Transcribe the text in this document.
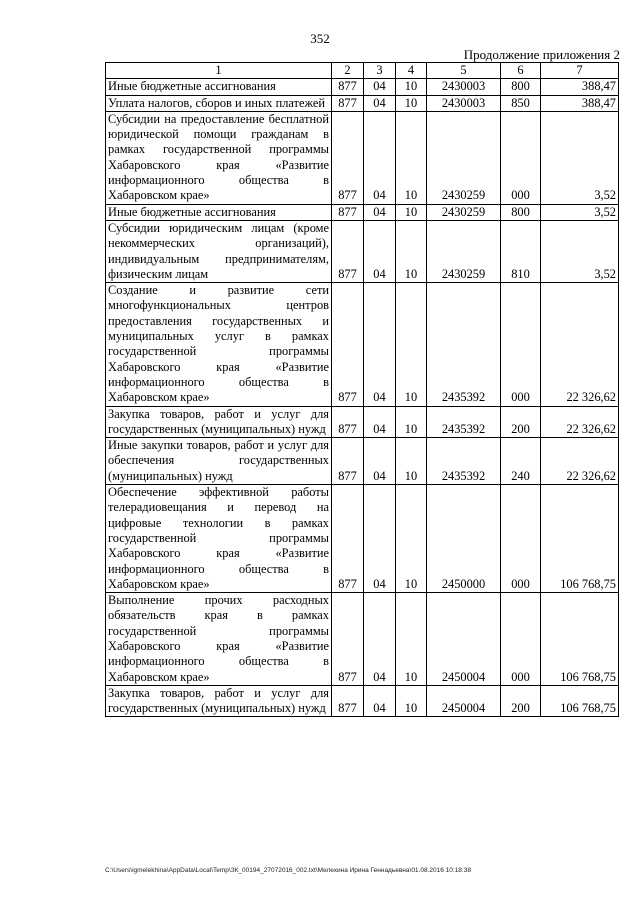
352
Продолжение приложения 2
1	2	3	4	5	6	7
Иные бюджетные ассигнования	877	04	10	2430003	800	388,47
Уплата налогов, сборов и иных платежей	877	04	10	2430003	850	388,47
Субсидии на предоставление бесплатной юридической помощи гражданам в рамках государственной программы Хабаровского края «Развитие информационного общества в Хабаровском крае»	877	04	10	2430259	000	3,52
Иные бюджетные ассигнования	877	04	10	2430259	800	3,52
Субсидии юридическим лицам (кроме некоммерческих организаций), индивидуальным предпринимателям, физическим лицам	877	04	10	2430259	810	3,52
Создание и развитие сети многофункциональных центров предоставления государственных и муниципальных услуг в рамках государственной программы Хабаровского края «Развитие информационного общества в Хабаровском крае»	877	04	10	2435392	000	22 326,62
Закупка товаров, работ и услуг для государственных (муниципальных) нужд	877	04	10	2435392	200	22 326,62
Иные закупки товаров, работ и услуг для обеспечения государственных (муниципальных) нужд	877	04	10	2435392	240	22 326,62
Обеспечение эффективной работы телерадиовещания и перевод на цифровые технологии в рамках государственной программы Хабаровского края «Развитие информационного общества в Хабаровском крае»	877	04	10	2450000	000	106 768,75
Выполнение прочих расходных обязательств края в рамках государственной программы Хабаровского края «Развитие информационного общества в Хабаровском крае»	877	04	10	2450004	000	106 768,75
Закупка товаров, работ и услуг для государственных (муниципальных) нужд	877	04	10	2450004	200	106 768,75
C:\Users\igmelekhina\AppData\Local\Temp\ЗК_00194_27072016_002.txt\Мелехина Ирина Геннадьевна\01.08.2016 10:18:38
